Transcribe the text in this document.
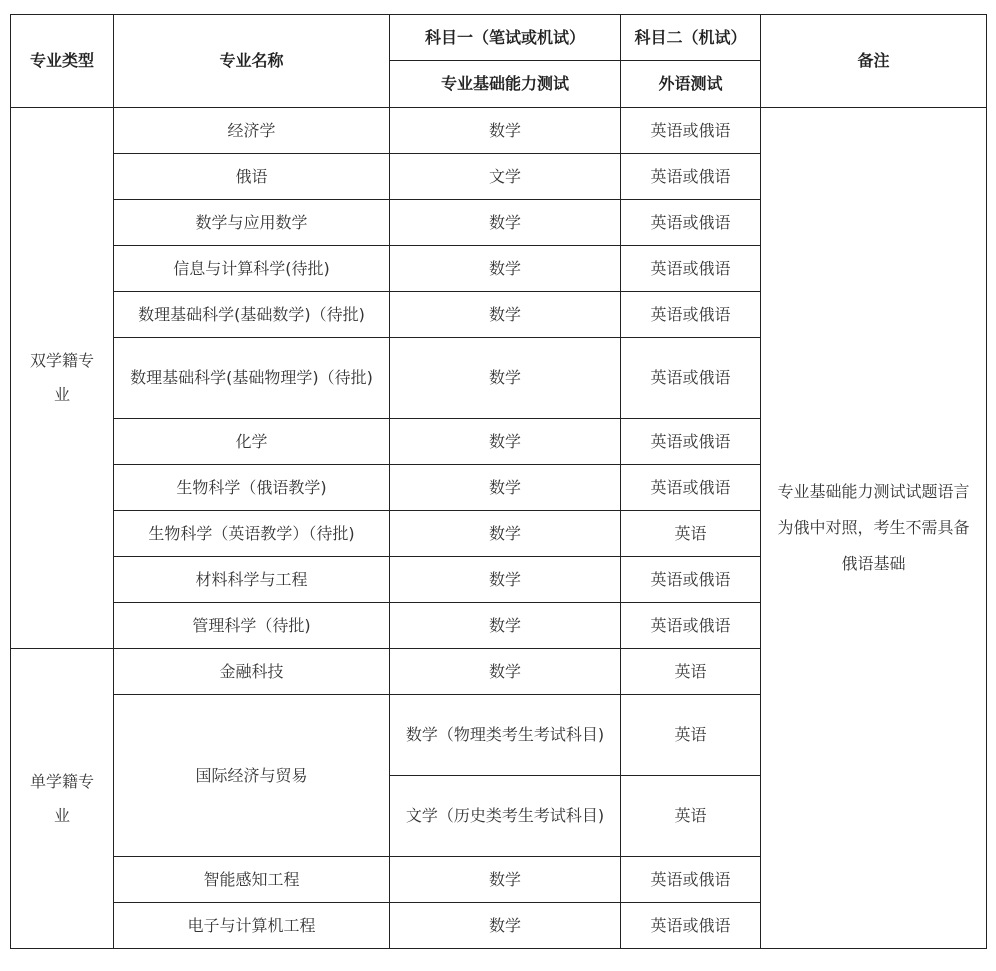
专业类型	专业名称	科目一（笔试或机试）	科目二（机试）	备注
		专业基础能力测试	外语测试	
双学籍专业	经济学	数学	英语或俄语	专业基础能力测试试题语言为俄中对照，考生不需具备俄语基础
	俄语	文学	英语或俄语	
	数学与应用数学	数学	英语或俄语	
	信息与计算科学(待批)	数学	英语或俄语	
	数理基础科学(基础数学)（待批)	数学	英语或俄语	
	数理基础科学(基础物理学)（待批)	数学	英语或俄语	
	化学	数学	英语或俄语	
	生物科学（俄语教学)	数学	英语或俄语	
	生物科学（英语教学）（待批)	数学	英语	
	材料科学与工程	数学	英语或俄语	
	管理科学（待批)	数学	英语或俄语	
单学籍专业	金融科技	数学	英语	
	国际经济与贸易	数学（物理类考生考试科目)	英语	
		文学（历史类考生考试科目)	英语	
	智能感知工程	数学	英语或俄语	
	电子与计算机工程	数学	英语或俄语	
